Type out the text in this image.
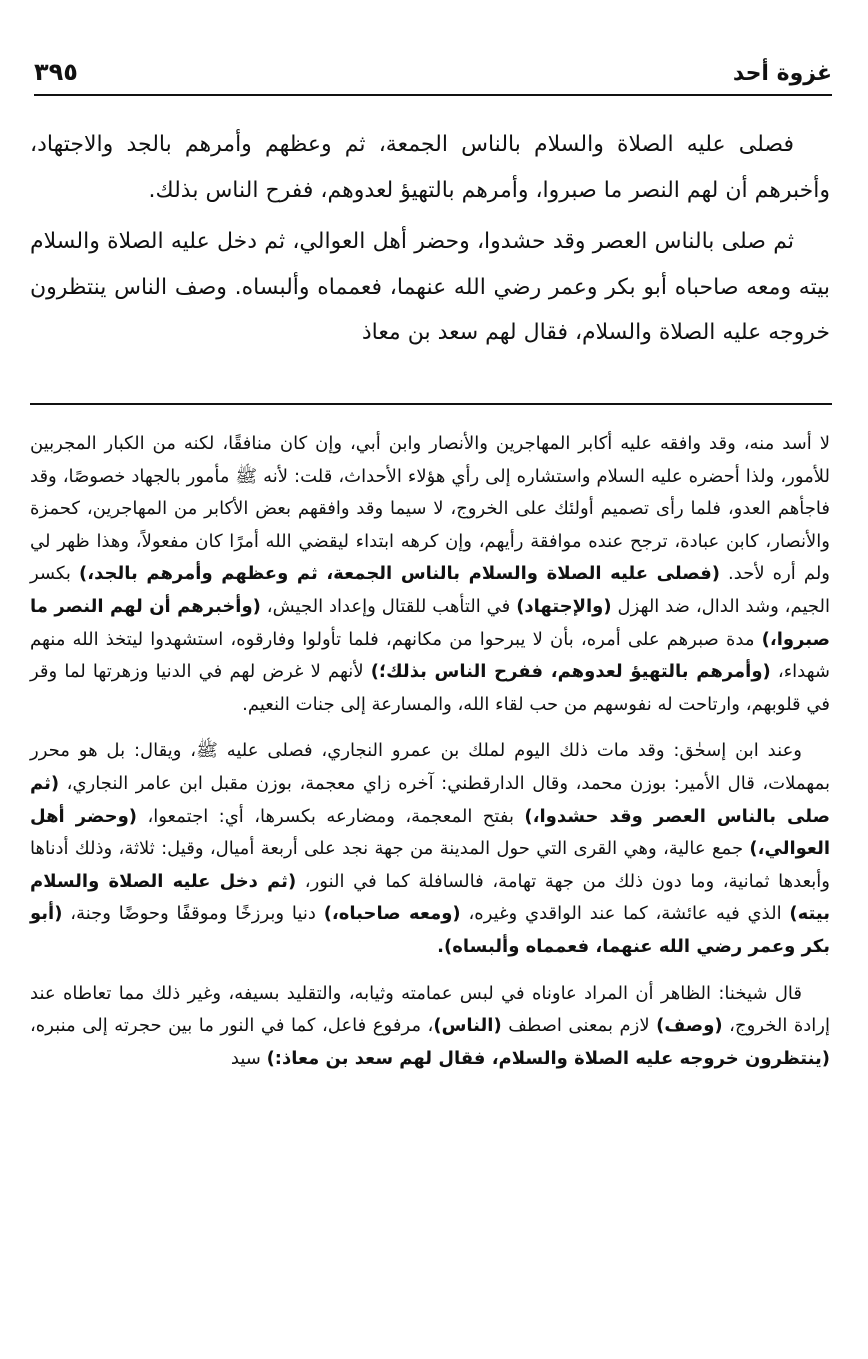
غزوة أحد
٣٩٥

فصلى عليه الصلاة والسلام بالناس الجمعة، ثم وعظهم وأمرهم بالجد والاجتهاد، وأخبرهم أن لهم النصر ما صبروا، وأمرهم بالتهيؤ لعدوهم، ففرح الناس بذلك.

ثم صلى بالناس العصر وقد حشدوا، وحضر أهل العوالي، ثم دخل عليه الصلاة والسلام بيته ومعه صاحباه أبو بكر وعمر رضي الله عنهما، فعمماه وألبساه. وصف الناس ينتظرون خروجه عليه الصلاة والسلام، فقال لهم سعد بن معاذ

لا أسد منه، وقد وافقه عليه أكابر المهاجرين والأنصار وابن أبي، وإن كان منافقًا، لكنه من الكبار المجربين للأمور، ولذا أحضره عليه السلام واستشاره إلى رأي هؤلاء الأحداث، قلت: لأنه ﷺ مأمور بالجهاد خصوصًا، وقد فاجأهم العدو، فلما رأى تصميم أولئك على الخروج، لا سيما وقد وافقهم بعض الأكابر من المهاجرين، كحمزة والأنصار، كابن عبادة، ترجح عنده موافقة رأيهم، وإن كرهه ابتداء ليقضي الله أمرًا كان مفعولاً، وهذا ظهر لي ولم أره لأحد. (فصلى عليه الصلاة والسلام بالناس الجمعة، ثم وعظهم وأمرهم بالجد،) بكسر الجيم، وشد الدال، ضد الهزل (والإجتهاد) في التأهب للقتال وإعداد الجيش، (وأخبرهم أن لهم النصر ما صبروا،) مدة صبرهم على أمره، بأن لا يبرحوا من مكانهم، فلما تأولوا وفارقوه، استشهدوا ليتخذ الله منهم شهداء، (وأمرهم بالتهيؤ لعدوهم، ففرح الناس بذلك؛) لأنهم لا غرض لهم في الدنيا وزهرتها لما وقر في قلوبهم، وارتاحت له نفوسهم من حب لقاء الله، والمسارعة إلى جنات النعيم.

وعند ابن إسحٰق: وقد مات ذلك اليوم لملك بن عمرو النجاري، فصلى عليه ﷺ، ويقال: بل هو محرر بمهملات، قال الأمير: بوزن محمد، وقال الدارقطني: آخره زاي معجمة، بوزن مقبل ابن عامر النجاري، (ثم صلى بالناس العصر وقد حشدوا،) بفتح المعجمة، ومضارعه بكسرها، أي: اجتمعوا، (وحضر أهل العوالي،) جمع عالية، وهي القرى التي حول المدينة من جهة نجد على أربعة أميال، وقيل: ثلاثة، وذلك أدناها وأبعدها ثمانية، وما دون ذلك من جهة تهامة، فالسافلة كما في النور، (ثم دخل عليه الصلاة والسلام بيته) الذي فيه عائشة، كما عند الواقدي وغيره، (ومعه صاحباه،) دنيا وبرزخًا وموقفًا وحوضًا وجنة، (أبو بكر وعمر رضي الله عنهما، فعمماه وألبساه).

قال شيخنا: الظاهر أن المراد عاوناه في لبس عمامته وثيابه، والتقليد بسيفه، وغير ذلك مما تعاطاه عند إرادة الخروج، (وصف) لازم بمعنى اصطف (الناس)، مرفوع فاعل، كما في النور ما بين حجرته إلى منبره، (ينتظرون خروجه عليه الصلاة والسلام، فقال لهم سعد بن معاذ:) سيد
